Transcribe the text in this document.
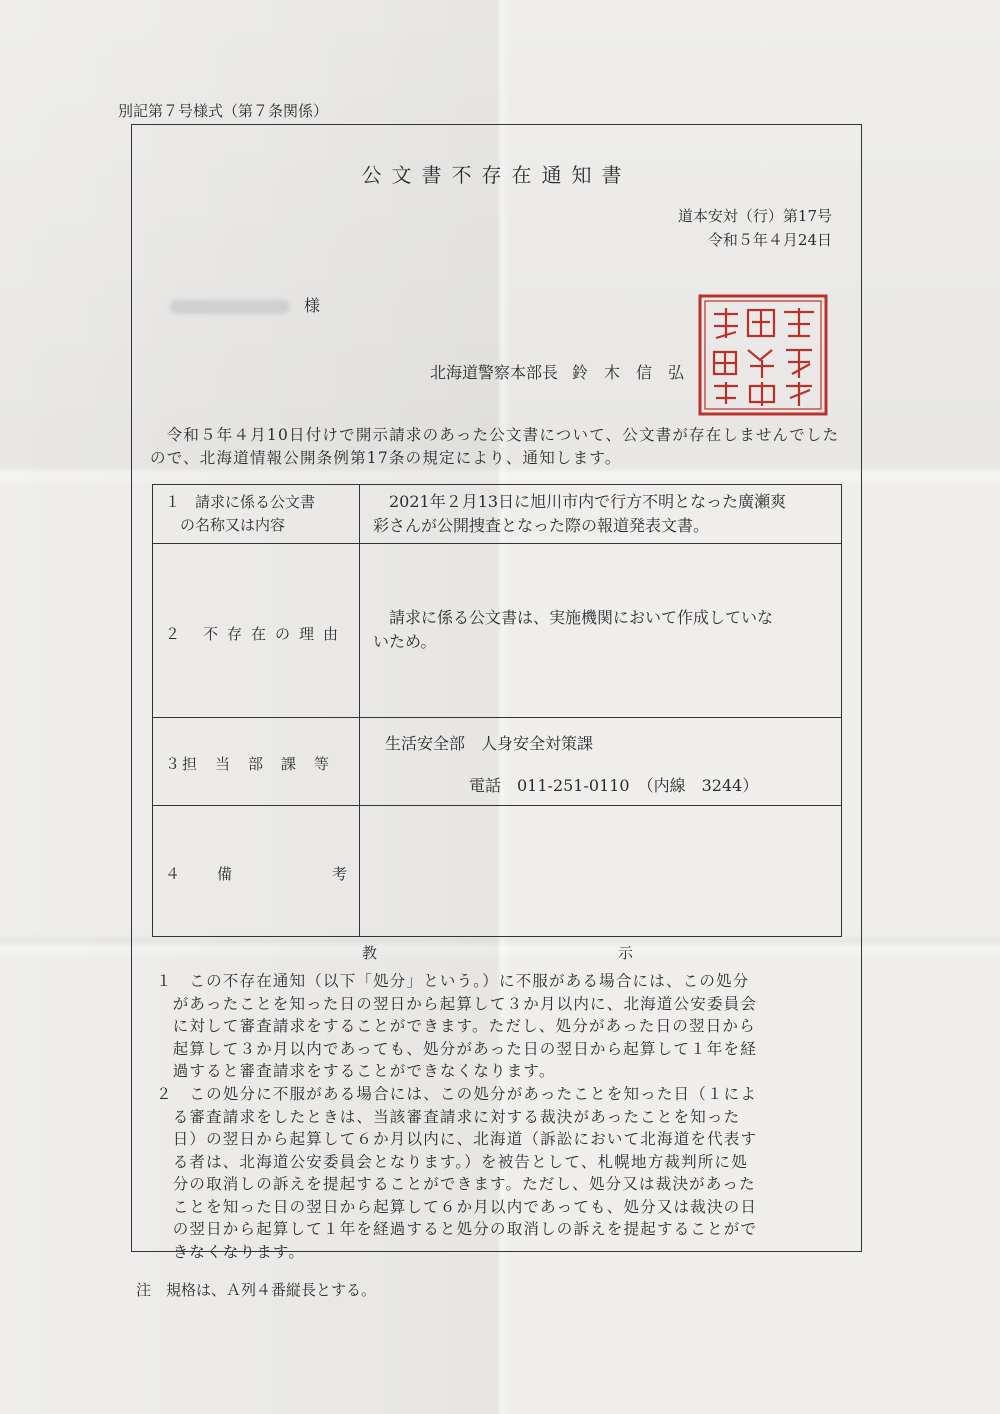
別記第７号様式（第７条関係）
公文書不存在通知書
道本安対（行）第17号
令和５年４月24日
様
北海道警察本部長 鈴　木　信　弘
　令和５年４月10日付けで開示請求のあった公文書について、公文書が存在しませんでした
ので、北海道情報公開条例第17条の規定により、通知します。
１　請求に係る公文書
　の名称又は内容
　2021年２月13日に旭川市内で行方不明となった廣瀬爽
彩さんが公開捜査となった際の報道発表文書。
２ 不存在の理由
　請求に係る公文書は、実施機関において作成していな
いため。
３ 担当部課等
生活安全部　人身安全対策課
電話　011-251-0110　（内線　3244）
４ 備考
教	示
１　この不存在通知（以下「処分」という。）に不服がある場合には、この処分
　があったことを知った日の翌日から起算して３か月以内に、北海道公安委員会
　に対して審査請求をすることができます。ただし、処分があった日の翌日から
　起算して３か月以内であっても、処分があった日の翌日から起算して１年を経
　過すると審査請求をすることができなくなります。
２　この処分に不服がある場合には、この処分があったことを知った日（１によ
　る審査請求をしたときは、当該審査請求に対する裁決があったことを知った
　日）の翌日から起算して６か月以内に、北海道（訴訟において北海道を代表す
　る者は、北海道公安委員会となります。）を被告として、札幌地方裁判所に処
　分の取消しの訴えを提起することができます。ただし、処分又は裁決があった
　ことを知った日の翌日から起算して６か月以内であっても、処分又は裁決の日
　の翌日から起算して１年を経過すると処分の取消しの訴えを提起することがで
　きなくなります。
注　規格は、Ａ列４番縦長とする。
